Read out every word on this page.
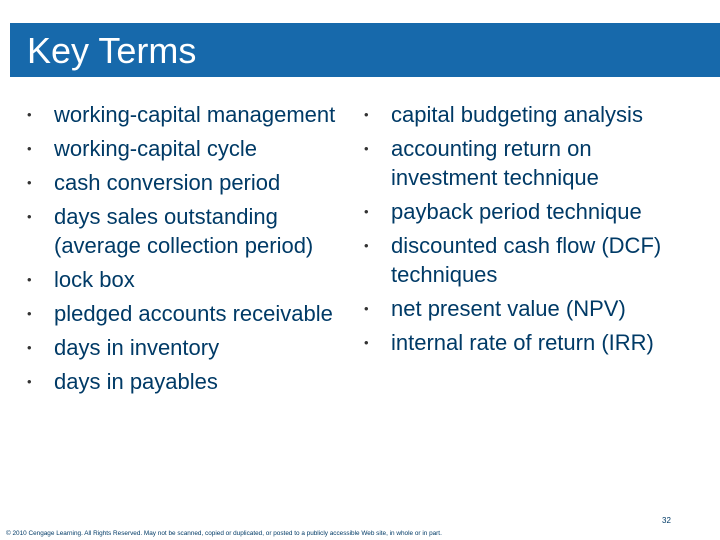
Key Terms
• working-capital management
• working-capital cycle
• cash conversion period
• days sales outstanding (average collection period)
• lock box
• pledged accounts receivable
• days in inventory
• days in payables
• capital budgeting analysis
• accounting return on investment technique
• payback period technique
• discounted cash flow (DCF) techniques
• net present value (NPV)
• internal rate of return (IRR)
32
© 2010 Cengage Learning. All Rights Reserved. May not be scanned, copied or duplicated, or posted to a publicly accessible Web site, in whole or in part.
